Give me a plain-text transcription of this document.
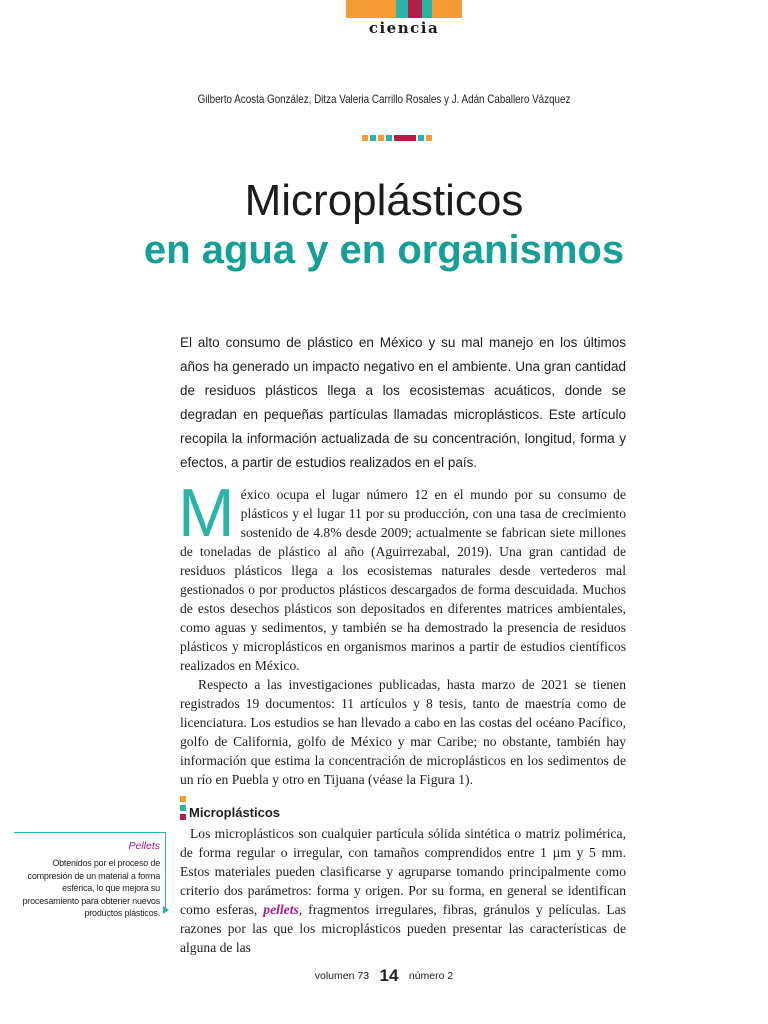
ciencia
Gilberto Acosta González, Ditza Valeria Carrillo Rosales y J. Adán Caballero Vázquez
Microplásticos
en agua y en organismos
El alto consumo de plástico en México y su mal manejo en los últimos años ha generado un impacto negativo en el ambiente. Una gran cantidad de residuos plásticos llega a los ecosistemas acuáticos, donde se degradan en pequeñas partículas llamadas microplásticos. Este artículo recopila la información actualizada de su concentración, longitud, forma y efectos, a partir de estudios realizados en el país.

México ocupa el lugar número 12 en el mundo por su consumo de plásticos y el lugar 11 por su producción, con una tasa de crecimiento sostenido de 4.8% desde 2009; actualmente se fabrican siete millones de toneladas de plástico al año (Aguirrezabal, 2019). Una gran cantidad de residuos plásticos llega a los ecosistemas naturales desde vertederos mal gestionados o por productos plásticos descargados de forma descuidada. Muchos de estos desechos plásticos son depositados en diferentes matrices ambientales, como aguas y sedimentos, y también se ha demostrado la presencia de residuos plásticos y microplásticos en organismos marinos a partir de estudios científicos realizados en México.

Respecto a las investigaciones publicadas, hasta marzo de 2021 se tienen registrados 19 documentos: 11 artículos y 8 tesis, tanto de maestría como de licenciatura. Los estudios se han llevado a cabo en las costas del océano Pacífico, golfo de California, golfo de México y mar Caribe; no obstante, también hay información que estima la concentración de microplásticos en los sedimentos de un río en Puebla y otro en Tijuana (véase la Figura 1).

Microplásticos

Los microplásticos son cualquier partícula sólida sintética o matriz polimérica, de forma regular o irregular, con tamaños comprendidos entre 1 µm y 5 mm. Estos materiales pueden clasificarse y agruparse tomando principalmente como criterio dos parámetros: forma y origen. Por su forma, en general se identifican como esferas, pellets, fragmentos irregulares, fibras, gránulos y películas. Las razones por las que los microplásticos pueden presentar las características de alguna de las

Pellets
Obtenidos por el proceso de compresión de un material a forma esférica, lo que mejora su procesamiento para obtener nuevos productos plásticos.
volumen 73 14 número 2
